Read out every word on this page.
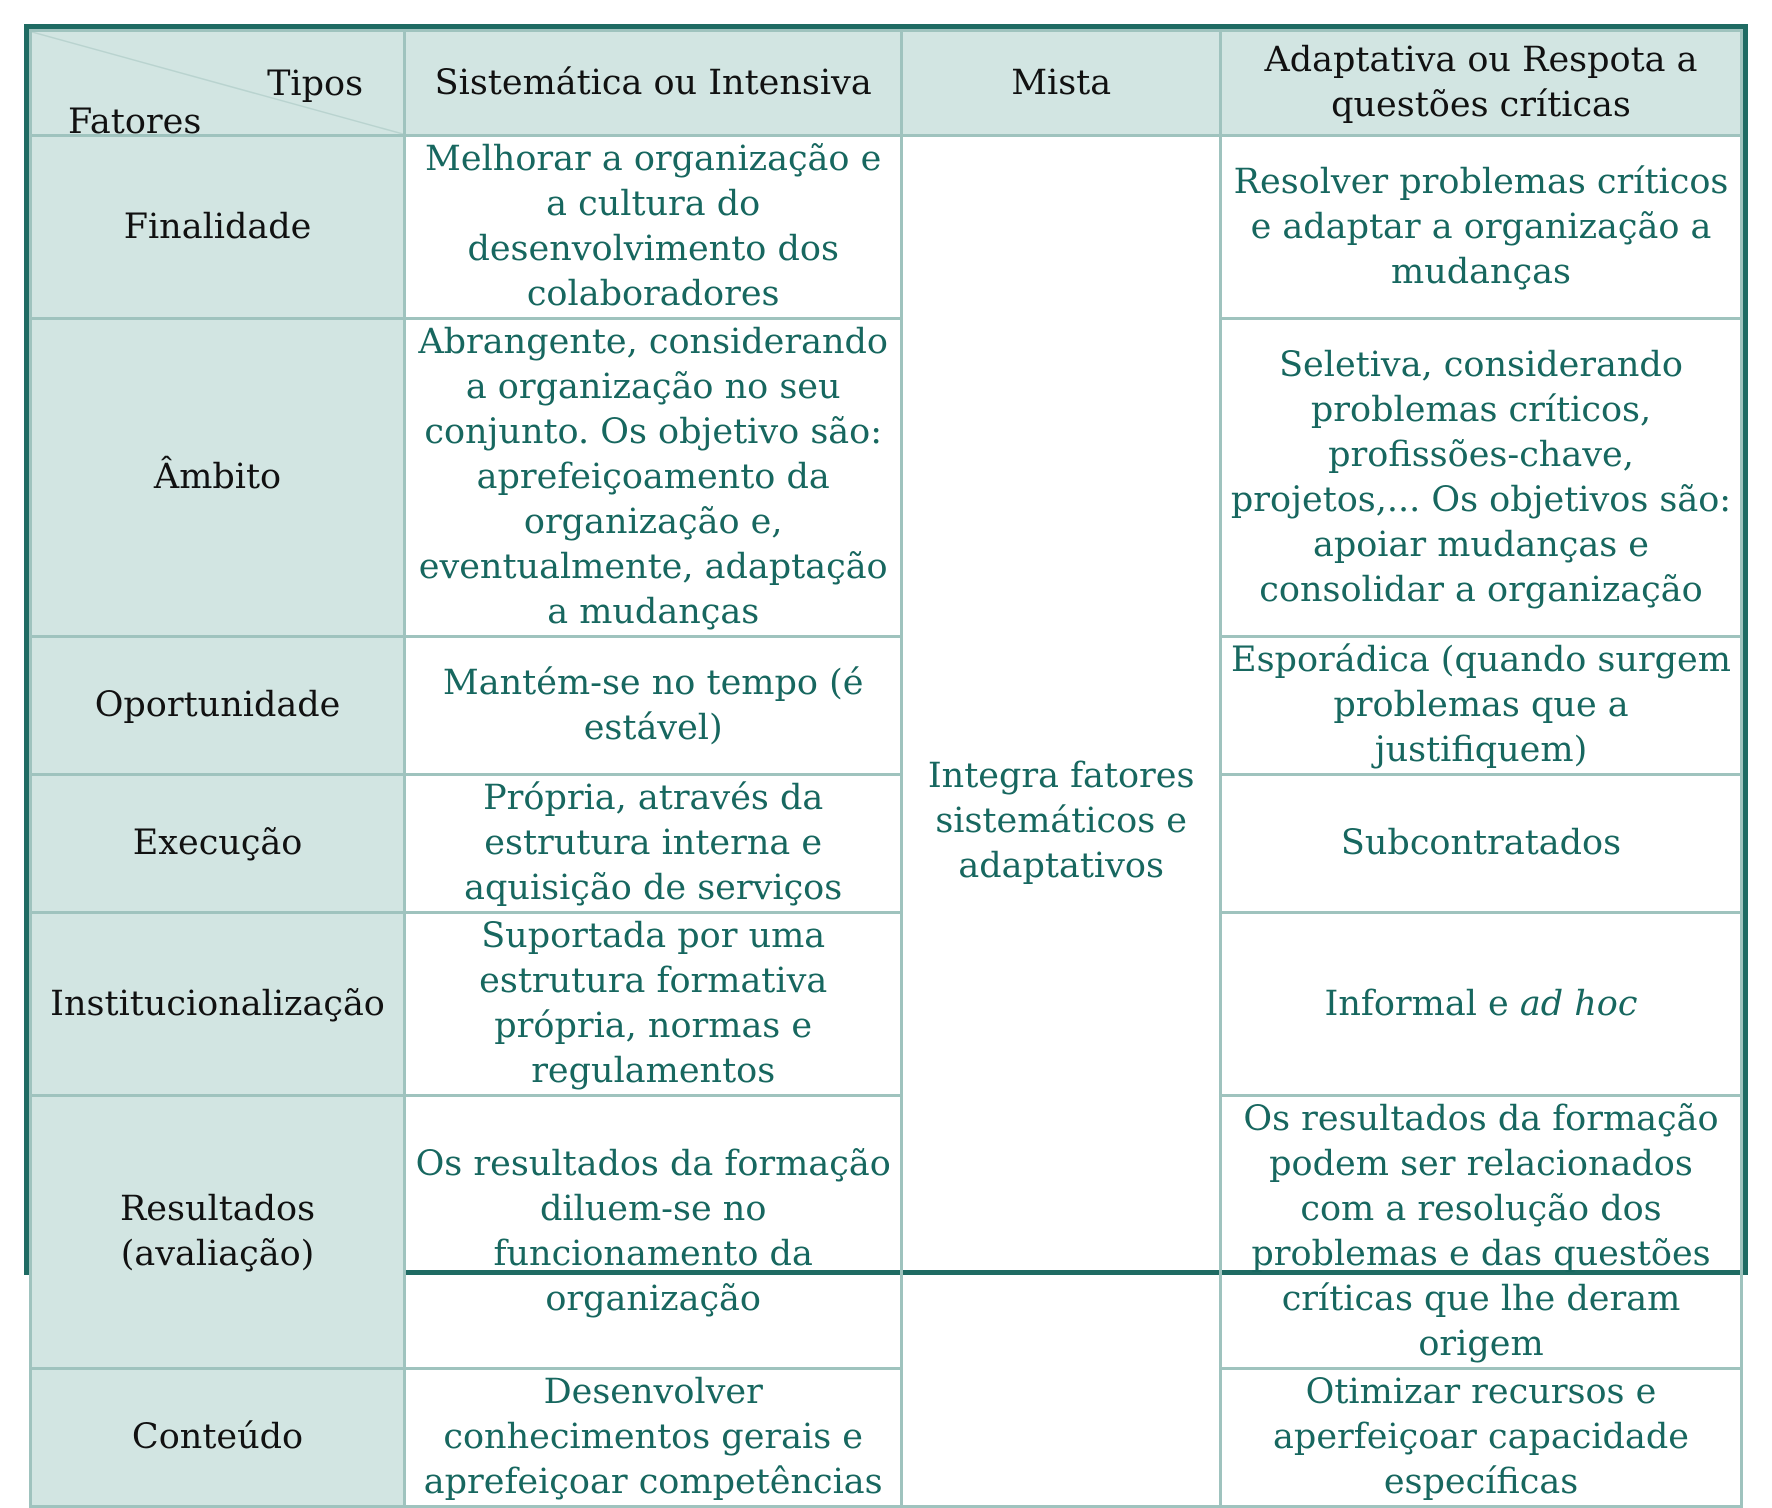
Tipos
Fatores	Sistemática ou Intensiva	Mista	Adaptativa ou Respota a questões críticas
Finalidade	Melhorar a organização e a cultura do desenvolvimento dos colaboradores	Integra fatores sistemáticos e adaptativos	Resolver problemas críticos e adaptar a organização a mudanças
Âmbito	Abrangente, considerando a organização no seu conjunto. Os objetivo são: aprefeiçoamento da organização e, eventualmente, adaptação a mudanças		Seletiva, considerando problemas críticos, profissões-chave, projetos,... Os objetivos são: apoiar mudanças e consolidar a organização
Oportunidade	Mantém-se no tempo (é estável)		Esporádica (quando surgem problemas que a justifiquem)
Execução	Própria, através da estrutura interna e aquisição de serviços		Subcontratados
Institucionalização	Suportada por uma estrutura formativa própria, normas e regulamentos		Informal e ad hoc
Resultados (avaliação)	Os resultados da formação diluem-se no funcionamento da organização		Os resultados da formação podem ser relacionados com a resolução dos problemas e das questões críticas que lhe deram origem
Conteúdo	Desenvolver conhecimentos gerais e aprefeiçoar competências		Otimizar recursos e aperfeiçoar capacidade específicas
